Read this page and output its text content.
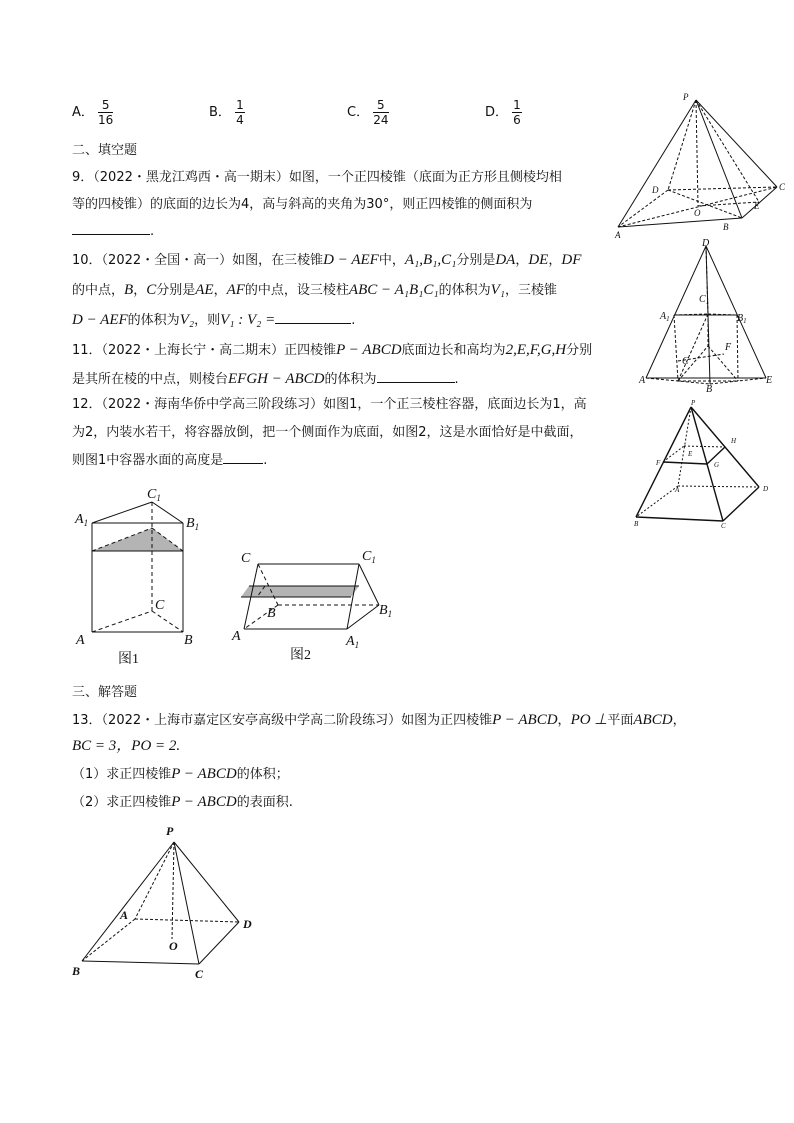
A． $\frac{5}{16}$	B． $\frac{1}{4}$	C． $\frac{5}{24}$	D． $\frac{1}{6}$
二、填空题
9．（2022・黑龙江鸡西・高一期末）如图，一个正四棱锥（底面为正方形且侧棱均相
等的四棱锥）的底面的边长为4，高与斜高的夹角为30°，则正四棱锥的侧面积为
.
10．（2022・全国・高一）如图，在三棱锥D − AEF中，A₁,B₁,C₁分别是DA，DE，DF
的中点，B，C分别是AE，AF的中点，设三棱柱ABC − A₁B₁C₁的体积为V₁，三棱锥
D − AEF的体积为V₂，则V₁ : V₂ =	.
11．（2022・上海长宁・高二期末）正四棱锥P − ABCD底面边长和高均为2,E,F,G,H分别
是其所在棱的中点，则棱台EFGH − ABCD的体积为	.
12．（2022・海南华侨中学高三阶段练习）如图1，一个正三棱柱容器，底面边长为1，高
为2，内装水若干，将容器放倒，把一个侧面作为底面，如图2，这是水面恰好是中截面，
则图1中容器水面的高度是	.
三、解答题
13．（2022・上海市嘉定区安亭高级中学高二阶段练习）如图为正四棱锥P − ABCD，PO ⊥平面ABCD，
BC = 3，PO = 2.
（1）求正四棱锥P − ABCD的体积；
（2）求正四棱锥P − ABCD的表面积.
P
D	C
O
E
A
B
D
$A_1$
$C_1$
$B_1$
C
F
A
B
E
P
H
E
F	G
A	D
B	C
$C_1$
$A_1$	$B_1$
C
A	B
图1
C	$C_1$
$B_1$
B
A	$A_1$
图2
P
A
D
O
B	C
